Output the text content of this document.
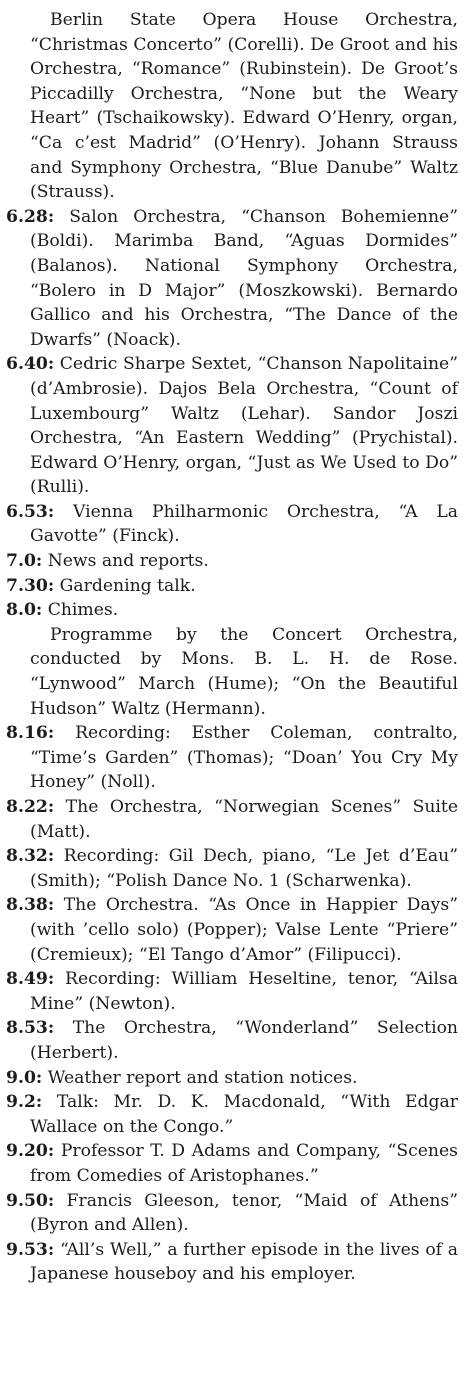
Berlin State Opera House Orchestra, “Christmas Concerto” (Corelli). De Groot and his Orchestra, “Romance” (Rubinstein). De Groot’s Piccadilly Orchestra, “None but the Weary Heart” (Tschaikowsky). Edward O’Henry, organ, “Ca c’est Madrid” (O’Henry). Johann Strauss and Symphony Orchestra, “Blue Danube” Waltz (Strauss).

6.28: Salon Orchestra, “Chanson Bohemienne” (Boldi). Marimba Band, “Aguas Dormides” (Balanos). National Symphony Orchestra, “Bolero in D Major” (Moszkowski). Bernardo Gallico and his Orchestra, “The Dance of the Dwarfs” (Noack).

6.40: Cedric Sharpe Sextet, “Chanson Napolitaine” (d’Ambrosie). Dajos Bela Orchestra, “Count of Luxembourg” Waltz (Lehar). Sandor Joszi Orchestra, “An Eastern Wedding” (Prychistal). Edward O’Henry, organ, “Just as We Used to Do” (Rulli).

6.53: Vienna Philharmonic Orchestra, “A La Gavotte” (Finck).

7.0: News and reports.

7.30: Gardening talk.

8.0: Chimes.

Programme by the Concert Orchestra, conducted by Mons. B. L. H. de Rose. “Lynwood” March (Hume); “On the Beautiful Hudson” Waltz (Hermann).

8.16: Recording: Esther Coleman, contralto, “Time’s Garden” (Thomas); “Doan’ You Cry My Honey” (Noll).

8.22: The Orchestra, “Norwegian Scenes” Suite (Matt).

8.32: Recording: Gil Dech, piano, “Le Jet d’Eau” (Smith); “Polish Dance No. 1 (Scharwenka).

8.38: The Orchestra. “As Once in Happier Days” (with ’cello solo) (Popper); Valse Lente “Priere” (Cremieux); “El Tango d’Amor” (Filipucci).

8.49: Recording: William Heseltine, tenor, “Ailsa Mine” (Newton).

8.53: The Orchestra, “Wonderland” Selection (Herbert).

9.0: Weather report and station notices.

9.2: Talk: Mr. D. K. Macdonald, “With Edgar Wallace on the Congo.”

9.20: Professor T. D Adams and Company, “Scenes from Comedies of Aristophanes.”

9.50: Francis Gleeson, tenor, “Maid of Athens” (Byron and Allen).

9.53: “All’s Well,” a further episode in the lives of a Japanese houseboy and his employer.
